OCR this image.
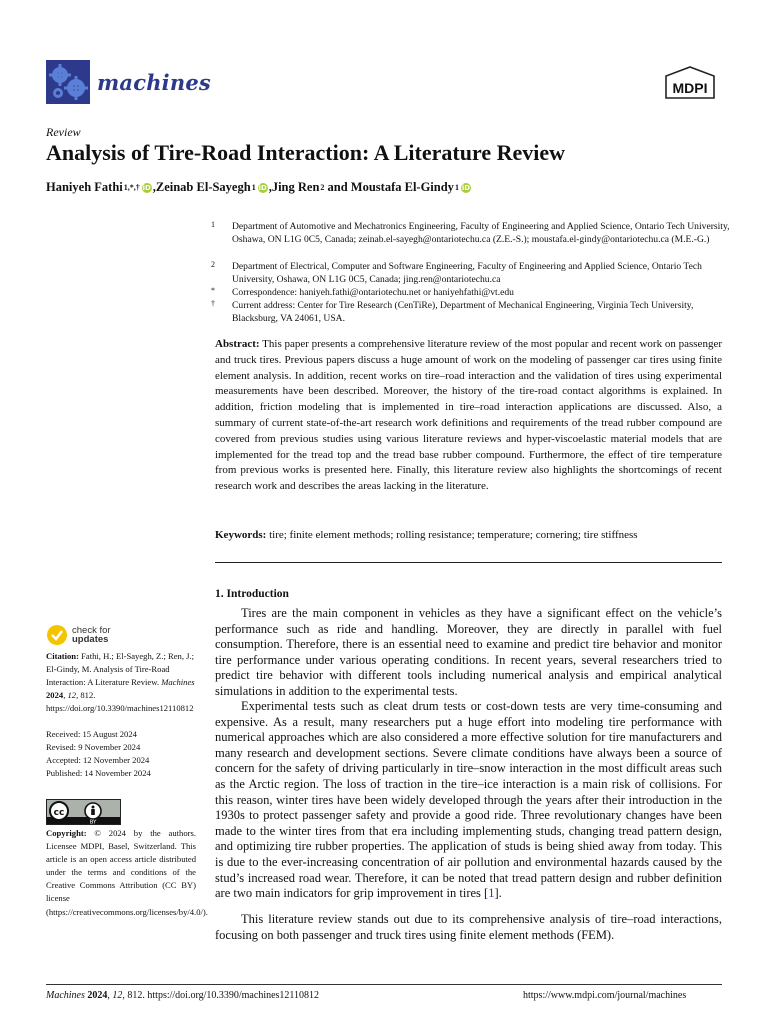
machines	MDPI
Review
Analysis of Tire-Road Interaction: A Literature Review
Haniyeh Fathi 1,*,† iD , Zeinab El-Sayegh 1 iD , Jing Ren 2 and Moustafa El-Gindy 1 iD
1 Department of Automotive and Mechatronics Engineering, Faculty of Engineering and Applied Science, Ontario Tech University, Oshawa, ON L1G 0C5, Canada; zeinab.el-sayegh@ontariotechu.ca (Z.E.-S.); moustafa.el-gindy@ontariotechu.ca (M.E.-G.)
2 Department of Electrical, Computer and Software Engineering, Faculty of Engineering and Applied Science, Ontario Tech University, Oshawa, ON L1G 0C5, Canada; jing.ren@ontariotechu.ca
* Correspondence: haniyeh.fathi@ontariotechu.net or haniyehfathi@vt.edu
† Current address: Center for Tire Research (CenTiRe), Department of Mechanical Engineering, Virginia Tech University, Blacksburg, VA 24061, USA.
Abstract: This paper presents a comprehensive literature review of the most popular and recent work on passenger and truck tires. Previous papers discuss a huge amount of work on the modeling of passenger car tires using finite element analysis. In addition, recent works on tire–road interaction and the validation of tires using experimental measurements have been described. Moreover, the history of the tire-road contact algorithms is explained. In addition, friction modeling that is implemented in tire–road interaction applications are discussed. Also, a summary of current state-of-the-art research work definitions and requirements of the tread rubber compound are covered from previous studies using various literature reviews and hyper-viscoelastic material models that are implemented for the tread top and the tread base rubber compound. Furthermore, the effect of tire temperature from previous works is presented here. Finally, this literature review also highlights the shortcomings of recent research work and describes the areas lacking in the literature.
Keywords: tire; finite element methods; rolling resistance; temperature; cornering; tire stiffness
1. Introduction
Tires are the main component in vehicles as they have a significant effect on the vehicle’s performance such as ride and handling. Moreover, they are directly in parallel with fuel consumption. Therefore, there is an essential need to examine and predict tire behavior and monitor tire performance under various operating conditions. In recent years, several researchers tried to predict tire behavior with different tools including numerical analysis and empirical analytical simulations in addition to the experimental tests.
Experimental tests such as cleat drum tests or cost-down tests are very time-consuming and expensive. As a result, many researchers put a huge effort into modeling tire performance with numerical approaches which are also considered a more effective solution for tire manufacturers and many research and development sections. Severe climate conditions have always been a source of concern for the safety of driving particularly in tire–snow interaction in the most difficult areas such as the Arctic region. The loss of traction in the tire–ice interaction is a main risk of collisions. For this reason, winter tires have been widely developed through the years after their introduction in the 1930s to protect passenger safety and provide a good ride. Three revolutionary changes have been made to the winter tires from that era including implementing studs, changing tread pattern design, and optimizing tire rubber properties. The application of studs is being shied away from today. This is due to the ever-increasing concentration of air pollution and environmental hazards caused by the stud’s increased road wear. Therefore, it can be noted that tread pattern design and rubber definition are two main indicators for grip improvement in tires [1].
This literature review stands out due to its comprehensive analysis of tire–road interactions, focusing on both passenger and truck tires using finite element methods (FEM).
check for
updates
Citation: Fathi, H.; El-Sayegh, Z.; Ren, J.; El-Gindy, M. Analysis of Tire-Road Interaction: A Literature Review. Machines 2024, 12, 812. https://doi.org/10.3390/machines12110812
Received: 15 August 2024
Revised: 9 November 2024
Accepted: 12 November 2024
Published: 14 November 2024
cc
BY
Copyright: © 2024 by the authors. Licensee MDPI, Basel, Switzerland. This article is an open access article distributed under the terms and conditions of the Creative Commons Attribution (CC BY) license (https://creativecommons.org/licenses/by/4.0/).
Machines 2024, 12, 812. https://doi.org/10.3390/machines12110812	https://www.mdpi.com/journal/machines
